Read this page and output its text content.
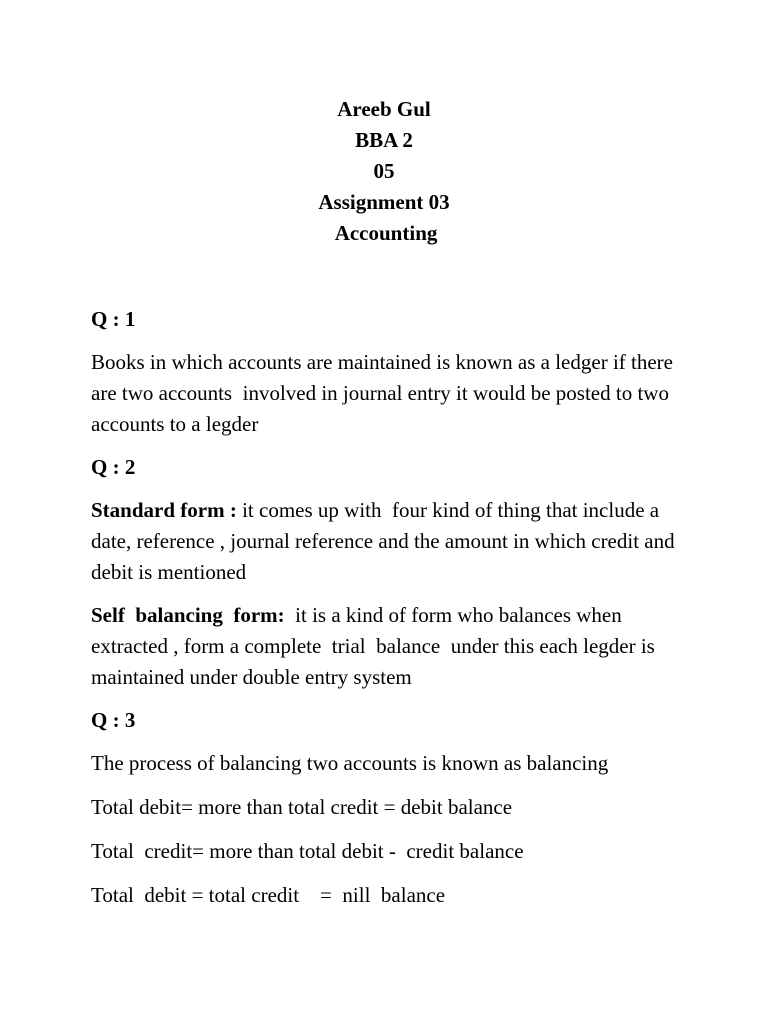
Areeb Gul
BBA 2
05
Assignment 03
Accounting
Q : 1
Books in which accounts are maintained is known as a ledger if there are two accounts  involved in journal entry it would be posted to two accounts to a legder
Q : 2
Standard form : it comes up with  four kind of thing that include a date, reference , journal reference and the amount in which credit and debit is mentioned
Self  balancing  form:  it is a kind of form who balances when extracted , form a complete  trial  balance  under this each legder is maintained under double entry system
Q : 3
The process of balancing two accounts is known as balancing
Total debit= more than total credit = debit balance
Total  credit= more than total debit -  credit balance
Total  debit = total credit    =  nill  balance
